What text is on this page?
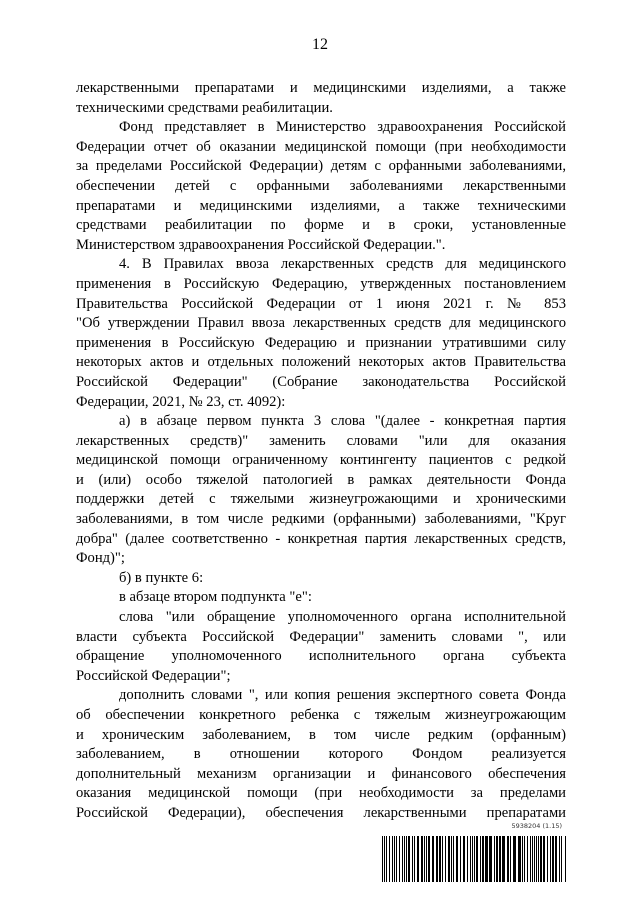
12
лекарственными препаратами и медицинскими изделиями, а также
техническими средствами реабилитации.
Фонд представляет в Министерство здравоохранения Российской
Федерации отчет об оказании медицинской помощи (при необходимости
за пределами Российской Федерации) детям с орфанными заболеваниями,
обеспечении детей с орфанными заболеваниями лекарственными
препаратами и медицинскими изделиями, а также техническими
средствами реабилитации по форме и в сроки, установленные
Министерством здравоохранения Российской Федерации.".
4. В Правилах ввоза лекарственных средств для медицинского
применения в Российскую Федерацию, утвержденных постановлением
Правительства Российской Федерации от 1 июня 2021 г. № 853
"Об утверждении Правил ввоза лекарственных средств для медицинского
применения в Российскую Федерацию и признании утратившими силу
некоторых актов и отдельных положений некоторых актов Правительства
Российской Федерации" (Собрание законодательства Российской
Федерации, 2021, № 23, ст. 4092):
а) в абзаце первом пункта 3 слова "(далее - конкретная партия
лекарственных средств)" заменить словами "или для оказания
медицинской помощи ограниченному контингенту пациентов с редкой
и (или) особо тяжелой патологией в рамках деятельности Фонда
поддержки детей с тяжелыми жизнеугрожающими и хроническими
заболеваниями, в том числе редкими (орфанными) заболеваниями, "Круг
добра" (далее соответственно - конкретная партия лекарственных средств,
Фонд)";
б) в пункте 6:
в абзаце втором подпункта "е":
слова "или обращение уполномоченного органа исполнительной
власти субъекта Российской Федерации" заменить словами ", или
обращение уполномоченного исполнительного органа субъекта
Российской Федерации";
дополнить словами ", или копия решения экспертного совета Фонда
об обеспечении конкретного ребенка с тяжелым жизнеугрожающим
и хроническим заболеванием, в том числе редким (орфанным)
заболеванием, в отношении которого Фондом реализуется
дополнительный механизм организации и финансового обеспечения
оказания медицинской помощи (при необходимости за пределами
Российской Федерации), обеспечения лекарственными препаратами
5938204 (1.15)
